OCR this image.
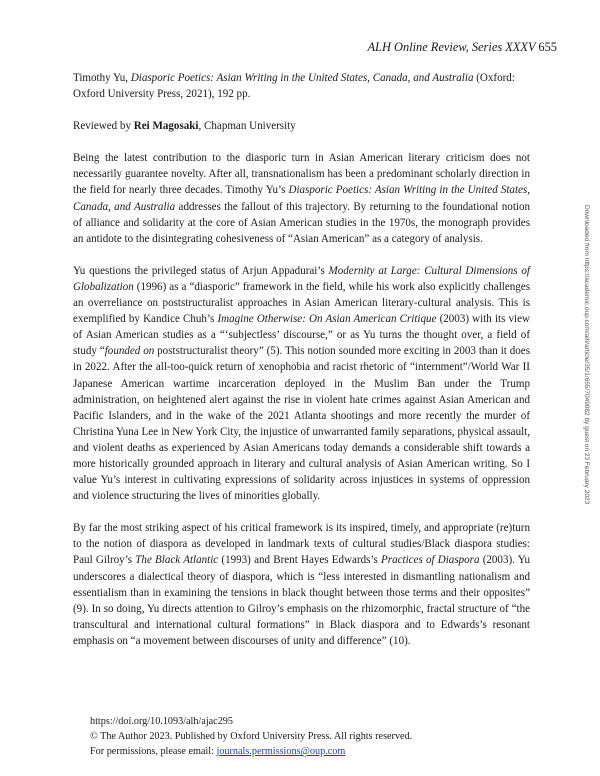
ALH Online Review, Series XXXV 655

Timothy Yu, Diasporic Poetics: Asian Writing in the United States, Canada, and Australia (Oxford: Oxford University Press, 2021), 192 pp.

Reviewed by Rei Magosaki, Chapman University

Being the latest contribution to the diasporic turn in Asian American literary criticism does not necessarily guarantee novelty. After all, transnationalism has been a predominant scholarly direction in the field for nearly three decades. Timothy Yu’s Diasporic Poetics: Asian Writing in the United States, Canada, and Australia addresses the fallout of this trajectory. By returning to the foundational notion of alliance and solidarity at the core of Asian American studies in the 1970s, the monograph provides an antidote to the disintegrating cohesiveness of “Asian American” as a category of analysis.

Yu questions the privileged status of Arjun Appadurai’s Modernity at Large: Cultural Dimensions of Globalization (1996) as a “diasporic” framework in the field, while his work also explicitly challenges an overreliance on poststructuralist approaches in Asian American literary-cultural analysis. This is exemplified by Kandice Chuh’s Imagine Otherwise: On Asian American Critique (2003) with its view of Asian American studies as a “‘subjectless’ discourse,” or as Yu turns the thought over, a field of study “founded on poststructuralist theory” (5). This notion sounded more exciting in 2003 than it does in 2022. After the all-too-quick return of xenophobia and racist rhetoric of “internment”/World War II Japanese American wartime incarceration deployed in the Muslim Ban under the Trump administration, on heightened alert against the rise in violent hate crimes against Asian American and Pacific Islanders, and in the wake of the 2021 Atlanta shootings and more recently the murder of Christina Yuna Lee in New York City, the injustice of unwarranted family separations, physical assault, and violent deaths as experienced by Asian Americans today demands a considerable shift towards a more historically grounded approach in literary and cultural analysis of Asian American writing. So I value Yu’s interest in cultivating expressions of solidarity across injustices in systems of oppression and violence structuring the lives of minorities globally.

By far the most striking aspect of his critical framework is its inspired, timely, and appropriate (re)turn to the notion of diaspora as developed in landmark texts of cultural studies/Black diaspora studies: Paul Gilroy’s The Black Atlantic (1993) and Brent Hayes Edwards’s Practices of Diaspora (2003). Yu underscores a dialectical theory of diaspora, which is “less interested in dismantling nationalism and essentialism than in examining the tensions in black thought between those terms and their opposites” (9). In so doing, Yu directs attention to Gilroy’s emphasis on the rhizomorphic, fractal structure of “the transcultural and international cultural formations” in Black diaspora and to Edwards’s resonant emphasis on “a movement between discourses of unity and difference” (10).

https://doi.org/10.1093/alh/ajac295
© The Author 2023. Published by Oxford University Press. All rights reserved.
For permissions, please email: journals.permissions@oup.com
Downloaded from https://academic.oup.com/alh/article/35/1/655/7049082 by guest on 23 February 2023
